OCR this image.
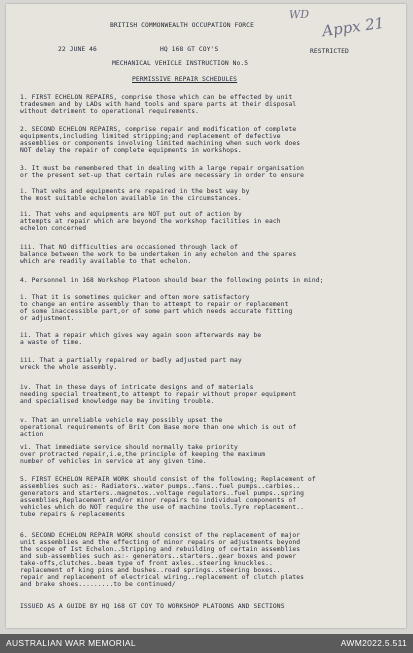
BRITISH COMMONWEALTH OCCUPATION FORCE
WD Appx 21
22 JUNE 46	HQ 168 GT COY'S	RESTRICTED
MECHANICAL VEHICLE INSTRUCTION No.5
PERMISSIVE REPAIR SCHEDULES
1. FIRST ECHELON REPAIRS, comprise those which can be effected by unit
tradesmen and by LADs with hand tools and spare parts at their disposal
without detriment to operational requirements.
2. SECOND ECHELON REPAIRS, comprise repair and modification of complete
equipments,including limited stripping;and replacement of defective
assemblies or components involving limited machining when such work does
NOT delay the repair of complete equipments in workshops.
3. It must be remembered that in dealing with a large repair organisation
or the present set-up that certain rules are necessary in order to ensure
i. That vehs and equipments are repaired in the best way by
the most suitable echelon available in the circumstances.
ii. That vehs and equipments are NOT put out of action by
attempts at repair which are beyond the workshop facilities in each
echelon concerned
iii. That NO difficulties are occasioned through lack of
balance between the work to be undertaken in any echelon and the spares
which are readily available to that echelon.
4. Personnel in 168 Workshop Platoon should bear the following points in mind;
i. That it is sometimes quicker and often more satisfactory
to change an entire assembly than to attempt to repair or replacement
of some inaccessible part,or of some part which needs accurate fitting
or adjustment.
ii. That a repair which gives way again soon afterwards may be
a waste of time.
iii. That a partially repaired or badly adjusted part may
wreck the whole assembly.
iv. That in these days of intricate designs and of materials
needing special treatment,to attempt to repair without proper equipment
and specialised knowledge may be inviting trouble.
v. That an unreliable vehicle may possibly upset the
operational requirements of Brit Com Base more than one which is out of
action
vi. That immediate service should normally take priority
over protracted repair,i.e,the principle of keeping the maximum
number of vehicles in service at any given time.
5. FIRST ECHELON REPAIR WORK should consist of the following; Replacement of
assemblies such as:- Radiators..water pumps..fans..fuel pumps..carbies..
generators and starters..magnetos..voltage regulators..fuel pumps..spring
assemblies,Replacement and/or minor repairs to individual components of
vehicles which do NOT require the use of machine tools.Tyre replacement..
tube repairs & replacements
6. SECOND ECHELON REPAIR WORK should consist of the replacement of major
unit assemblies and the effecting of minor repairs or adjustments beyond
the scope of Ist Echelon..Stripping and rebuilding of certain assemblies
and sub-assemblies such as:- generators..starters..gear boxes and power
take-offs,clutches..beam type of front axles..steering knuckles..
replacement of king pins and bushes..road springs..steering boxes..
repair and replacement of electrical wiring..replacement of clutch plates
and brake shoes.........to be continued/
ISSUED AS A GUIDE BY HQ 168 GT COY TO WORKSHOP PLATOONS AND SECTIONS
AUSTRALIAN WAR MEMORIAL	AWM2022.5.511
